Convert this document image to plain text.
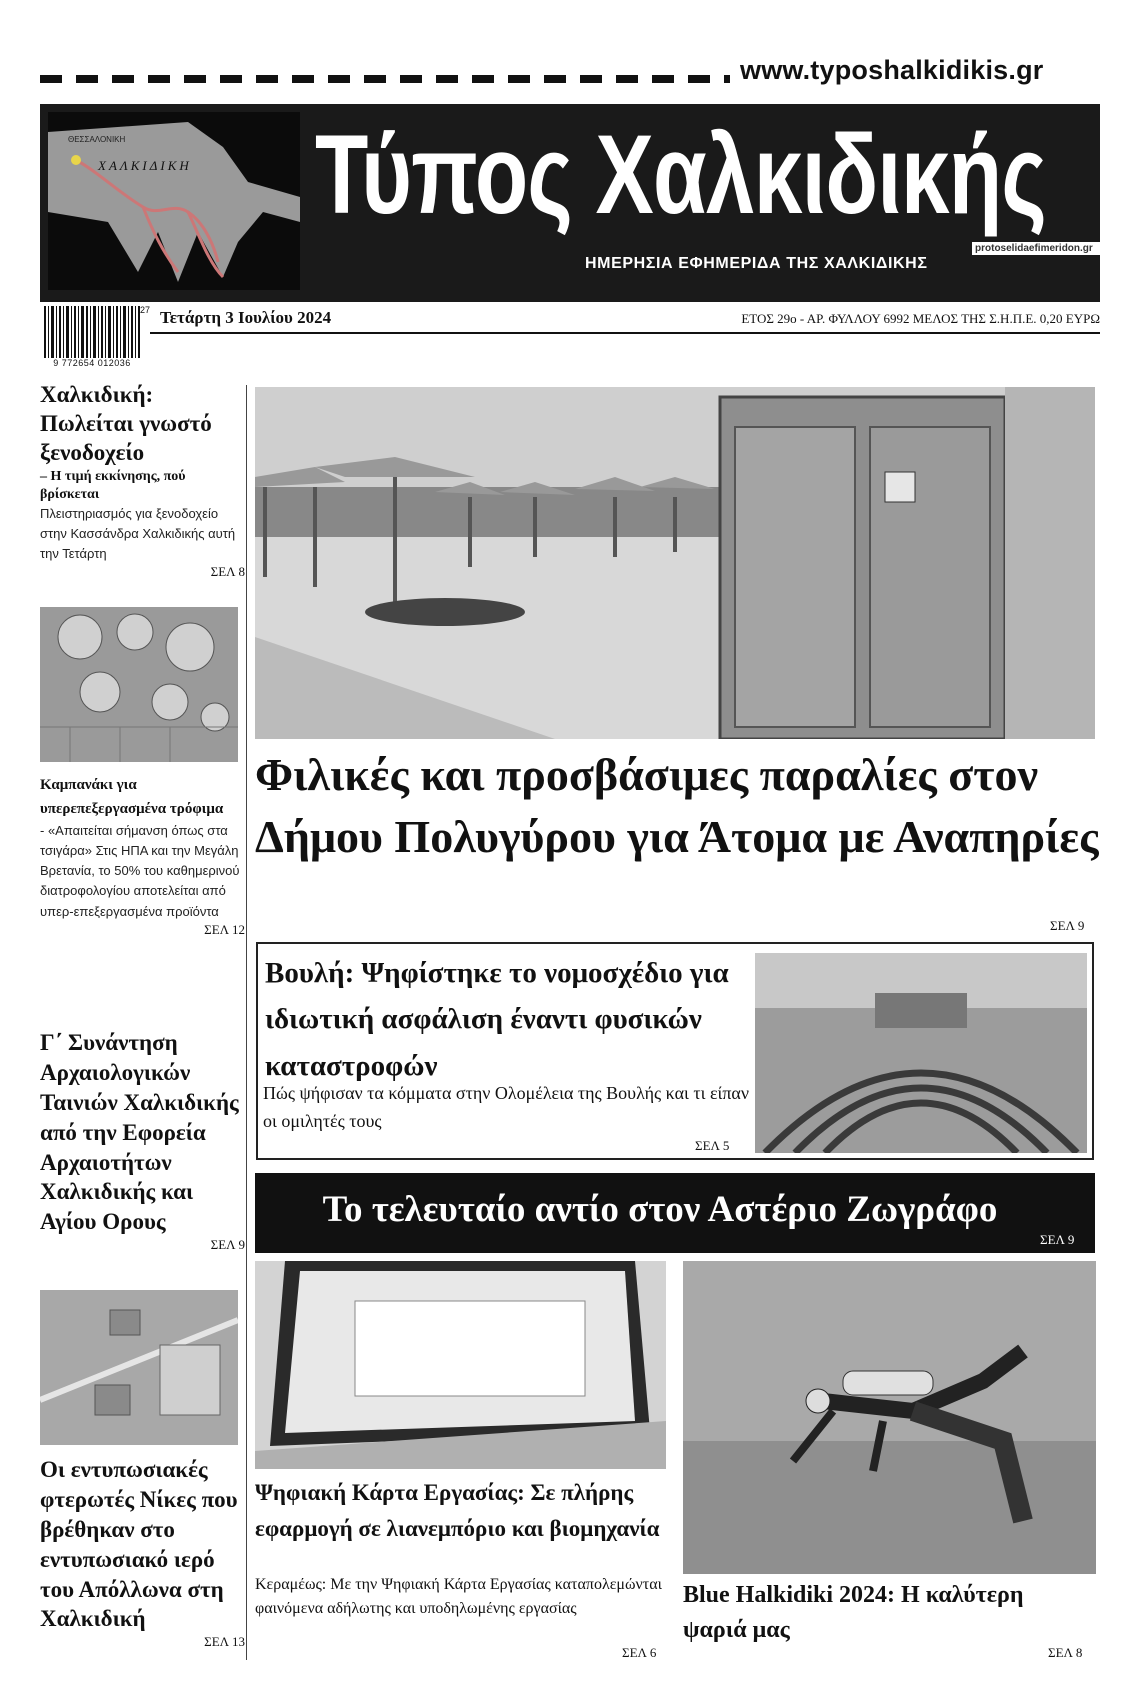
www.typoshalkidikis.gr
ΘΕΣΣΑΛΟΝΙΚΗ
ΧΑΛΚΙΔΙΚΗ Τύπος Χαλκιδικής
ΗΜΕΡΗΣΙΑ ΕΦΗΜΕΡΙΔΑ ΤΗΣ ΧΑΛΚΙΔΙΚΗΣ
protoselidaefimeridon.gr
27
9 772654 012036
Τετάρτη 3 Ιουλίου 2024	ΕΤΟΣ 29ο - ΑΡ. ΦΥΛΛΟΥ 6992 ΜΕΛΟΣ ΤΗΣ Σ.Η.Π.Ε. 0,20 ΕΥΡΩ
Χαλκιδική: Πωλείται γνωστό ξενοδοχείο
– Η τιμή εκκίνησης, πού βρίσκεται
Πλειστηριασμός για ξενοδοχείο στην Κασσάνδρα Χαλκιδικής αυτή την Τετάρτη
ΣΕΛ 8
Καμπανάκι για υπερεπεξεργασμένα τρόφιμα
- «Απαιτείται σήμανση όπως στα τσιγάρα» Στις ΗΠΑ και την Μεγάλη Βρετανία, το 50% του καθημερινού διατροφολογίου αποτελείται από υπερ-επεξεργασμένα προϊόντα
ΣΕΛ 12
Γ΄ Συνάντηση Αρχαιολογικών Ταινιών Χαλκιδικής από την Εφορεία Αρχαιοτήτων Χαλκιδικής και Αγίου Ορους
ΣΕΛ 9
Οι εντυπωσιακές φτερωτές Νίκες που βρέθηκαν στο εντυπωσιακό ιερό του Απόλλωνα στη Χαλκιδική
ΣΕΛ 13
Φιλικές και προσβάσιμες παραλίες στον Δήμου Πολυγύρου για Άτομα με Αναπηρίες
ΣΕΛ 9
Βουλή: Ψηφίστηκε το νομοσχέδιο για ιδιωτική ασφάλιση έναντι φυσικών καταστροφών
Πώς ψήφισαν τα κόμματα στην Ολομέλεια της Βουλής και τι είπαν οι ομιλητές τους
ΣΕΛ 5
Το τελευταίο αντίο στον Αστέριο Ζωγράφο
ΣΕΛ 9
Ψηφιακή Κάρτα Εργασίας: Σε πλήρης εφαρμογή σε λιανεμπόριο και βιομηχανία
Κεραμέως: Με την Ψηφιακή Κάρτα Εργασίας καταπολεμώνται φαινόμενα αδήλωτης και υποδηλωμένης εργασίας
ΣΕΛ 6
Blue Halkidiki 2024: Η καλύτερη ψαριά μας
ΣΕΛ 8
